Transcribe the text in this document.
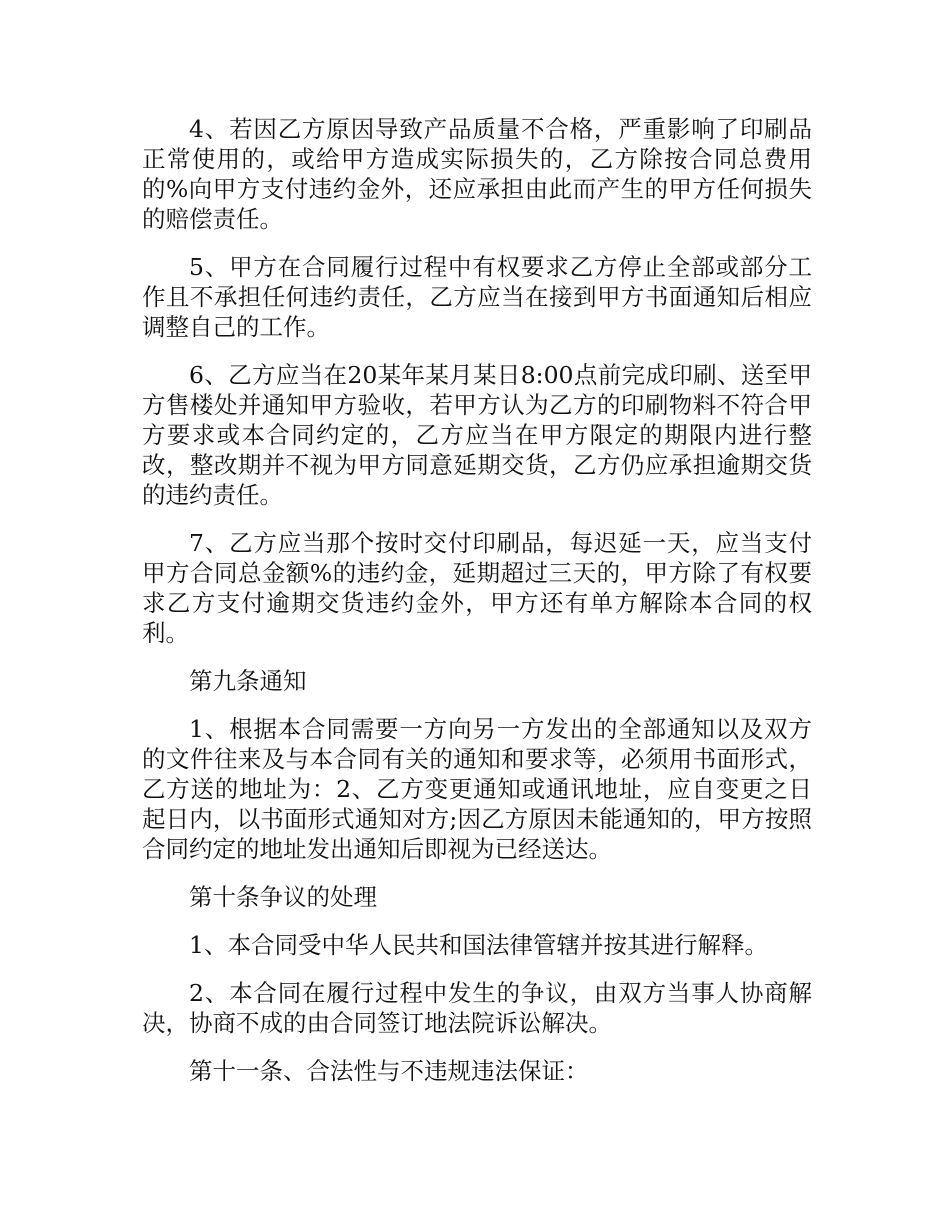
4、若因乙方原因导致产品质量不合格，严重影响了印刷品正常使用的，或给甲方造成实际损失的，乙方除按合同总费用的%向甲方支付违约金外，还应承担由此而产生的甲方任何损失的赔偿责任。

5、甲方在合同履行过程中有权要求乙方停止全部或部分工作且不承担任何违约责任，乙方应当在接到甲方书面通知后相应调整自己的工作。

6、乙方应当在20某年某月某日8:00点前完成印刷、送至甲方售楼处并通知甲方验收，若甲方认为乙方的印刷物料不符合甲方要求或本合同约定的，乙方应当在甲方限定的期限内进行整改，整改期并不视为甲方同意延期交货，乙方仍应承担逾期交货的违约责任。

7、乙方应当那个按时交付印刷品，每迟延一天，应当支付甲方合同总金额%的违约金，延期超过三天的，甲方除了有权要求乙方支付逾期交货违约金外，甲方还有单方解除本合同的权利。

第九条通知

1、根据本合同需要一方向另一方发出的全部通知以及双方的文件往来及与本合同有关的通知和要求等，必须用书面形式，乙方送的地址为：2、乙方变更通知或通讯地址，应自变更之日起日内，以书面形式通知对方;因乙方原因未能通知的，甲方按照合同约定的地址发出通知后即视为已经送达。

第十条争议的处理

1、本合同受中华人民共和国法律管辖并按其进行解释。

2、本合同在履行过程中发生的争议，由双方当事人协商解决，协商不成的由合同签订地法院诉讼解决。

第十一条、合法性与不违规违法保证：
